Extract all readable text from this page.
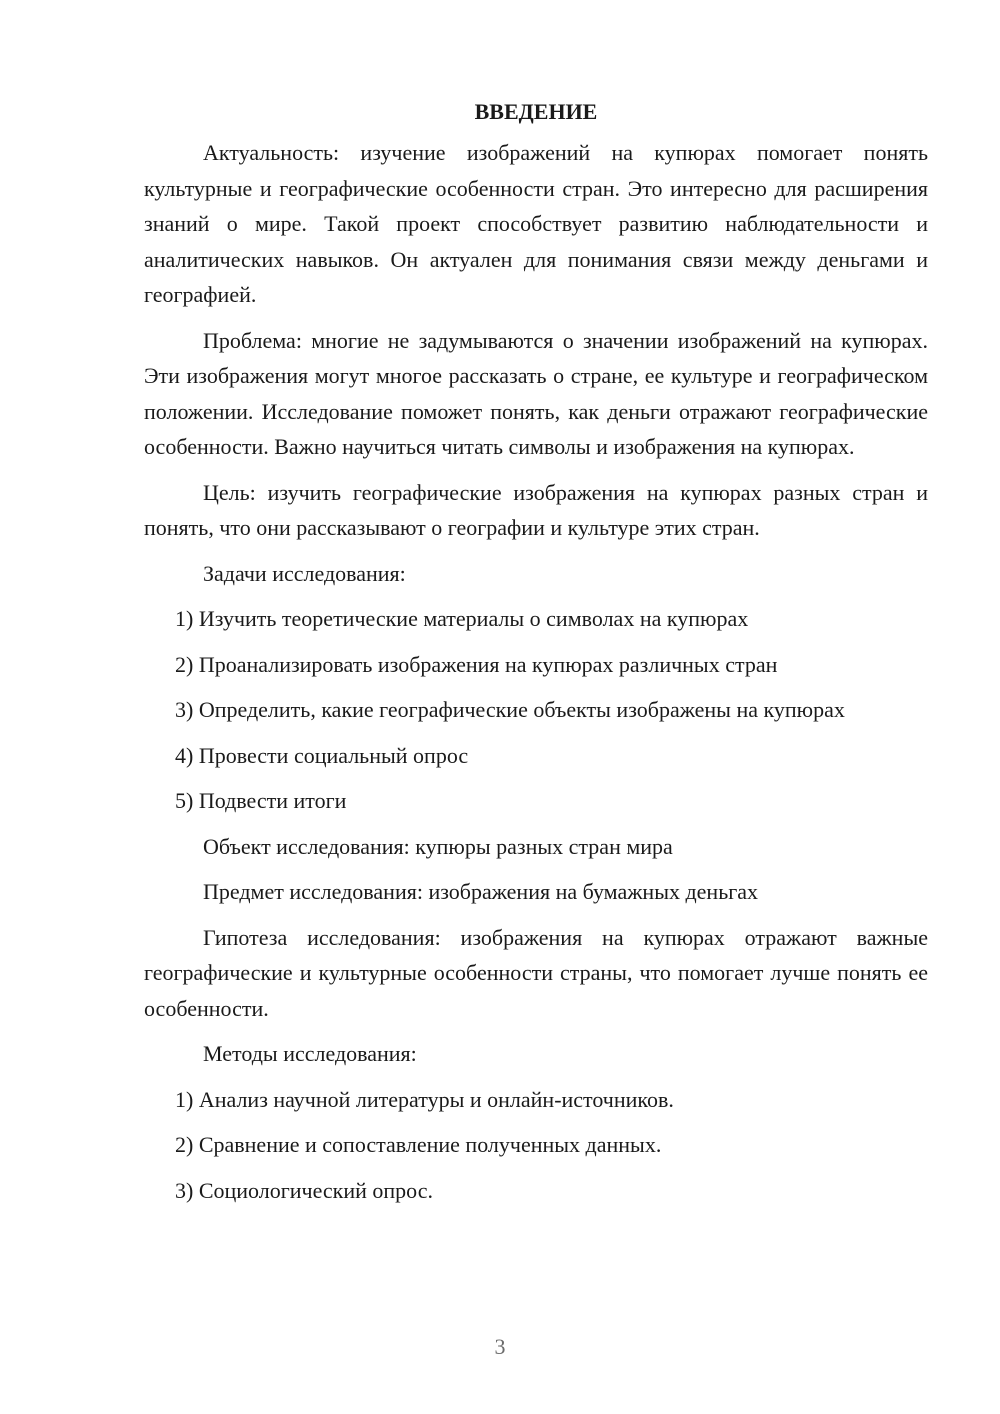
ВВЕДЕНИЕ

Актуальность: изучение изображений на купюрах помогает понять культурные и географические особенности стран. Это интересно для расширения знаний о мире. Такой проект способствует развитию наблюдательности и аналитических навыков. Он актуален для понимания связи между деньгами и географией.

Проблема: многие не задумываются о значении изображений на купюрах. Эти изображения могут многое рассказать о стране, ее культуре и географическом положении. Исследование поможет понять, как деньги отражают географические особенности. Важно научиться читать символы и изображения на купюрах.

Цель: изучить географические изображения на купюрах разных стран и понять, что они рассказывают о географии и культуре этих стран.

Задачи исследования:

1) Изучить теоретические материалы о символах на купюрах

2) Проанализировать изображения на купюрах различных стран

3) Определить, какие географические объекты изображены на купюрах

4) Провести социальный опрос

5) Подвести итоги

Объект исследования: купюры разных стран мира

Предмет исследования: изображения на бумажных деньгах

Гипотеза исследования: изображения на купюрах отражают важные географические и культурные особенности страны, что помогает лучше понять ее особенности.

Методы исследования:

1) Анализ научной литературы и онлайн-источников.

2) Сравнение и сопоставление полученных данных.

3) Социологический опрос.

3
